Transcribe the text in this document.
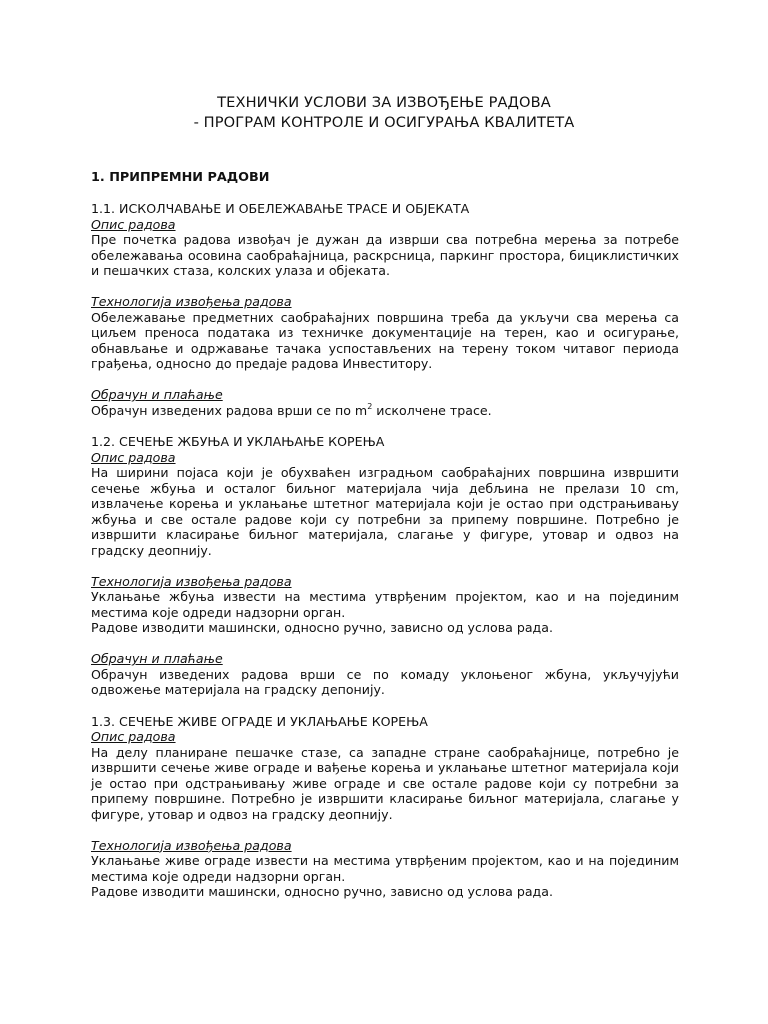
ТЕХНИЧКИ УСЛОВИ ЗА ИЗВОЂЕЊЕ РАДОВА
- ПРОГРАМ КОНТРОЛЕ И ОСИГУРАЊА КВАЛИТЕТА
1. ПРИПРЕМНИ РАДОВИ
1.1. ИСКОЛЧАВАЊЕ И ОБЕЛЕЖАВАЊЕ ТРАСЕ И ОБЈЕКАТА
Опис радова
Пре почетка радова извођач је дужан да изврши сва потребна мерења за потребе обележавања осовина саобраћајница, раскрсница, паркинг простора, бициклистичких и пешачких стаза, колских улаза и објеката.
Технологија извођења радова
Обележавање предметних саобраћајних површина треба да укључи сва мерења са циљем преноса података из техничке документације на терен, као и осигурање, обнављање и одржавање тачака успостављених на терену током читавог периода грађења, односно до предаје радова Инвеститору.
Обрачун и плаћање
Обрачун изведених радова врши се по $m^2$ исколчене трасе.
1.2. СЕЧЕЊЕ ЖБУЊА И УКЛАЊАЊЕ КОРЕЊА
Опис радова
На ширини појаса који је обухваћен изградњом саобраћајних површина извршити сечење жбуња и осталог биљног материјала чија дебљина не прелази 10 cm, извлачење корења и уклањање штетног материјала који је остао при одстрањивању жбуња и све остале радове који су потребни за припему површине. Потребно је извршити класирање биљног материјала, слагање у фигуре, утовар и одвоз на градску деопнију.
Технологија извођења радова
Уклањање жбуња извести на местима утврђеним пројектом, као и на појединим местима које одреди надзорни орган.
Радове изводити машински, односно ручно, зависно од услова рада.
Обрачун и плаћање
Обрачун изведених радова врши се по комаду уклоњеног жбуна, укључујући одвожење материјала на градску депонију.
1.3. СЕЧЕЊЕ ЖИВЕ ОГРАДЕ И УКЛАЊАЊЕ КОРЕЊА
Опис радова
На делу планиране пешачке стазе, са западне стране саобраћајнице, потребно је извршити сечење живе ограде и вађење корења и уклањање штетног материјала који је остао при одстрањивању живе ограде и све остале радове који су потребни за припему површине. Потребно је извршити класирање биљног материјала, слагање у фигуре, утовар и одвоз на градску деопнију.
Технологија извођења радова
Уклањање живе ограде извести на местима утврђеним пројектом, као и на појединим местима које одреди надзорни орган.
Радове изводити машински, односно ручно, зависно од услова рада.
